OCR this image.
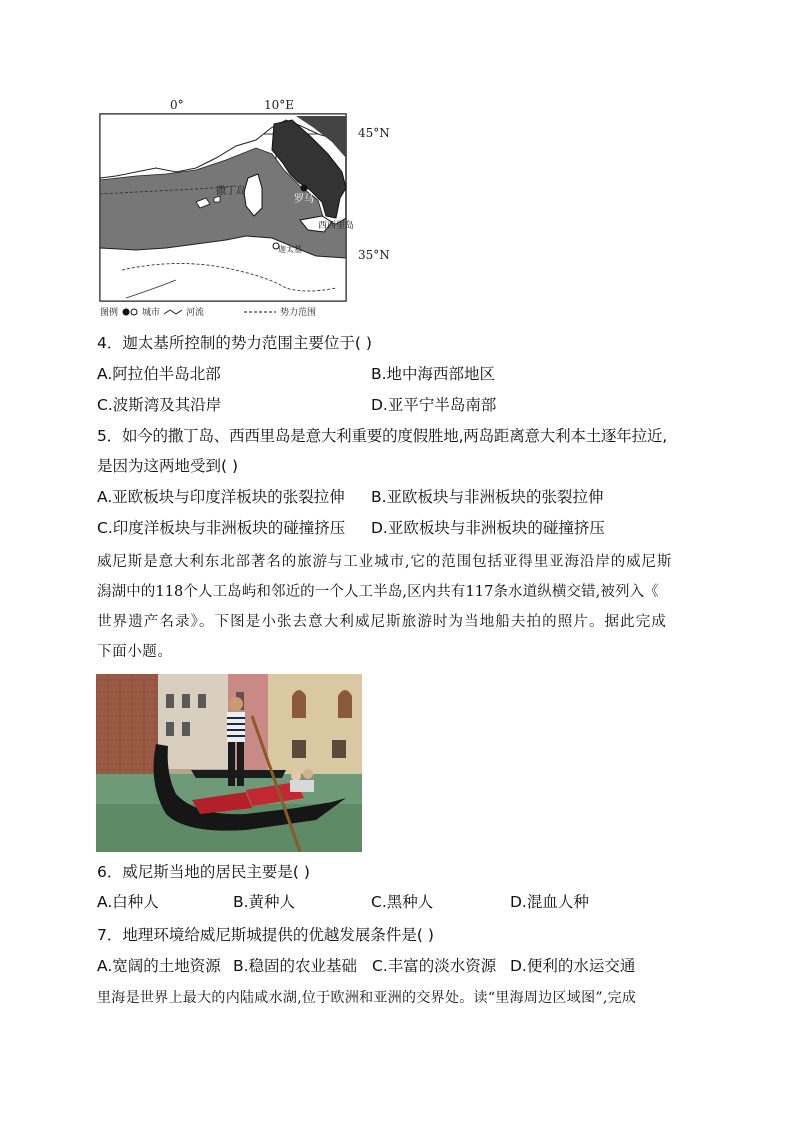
0°	10°E
45°N
35°N
撒丁岛
罗马
西西里岛
迦太基
图例	城市	河流	势力范围
4．迦太基所控制的势力范围主要位于( )
A.阿拉伯半岛北部	B.地中海西部地区
C.波斯湾及其沿岸	D.亚平宁半岛南部
5．如今的撒丁岛、西西里岛是意大利重要的度假胜地,两岛距离意大利本土逐年拉近,
是因为这两地受到( )
A.亚欧板块与印度洋板块的张裂拉伸 B.亚欧板块与非洲板块的张裂拉伸
C.印度洋板块与非洲板块的碰撞挤压 D.亚欧板块与非洲板块的碰撞挤压
威尼斯是意大利东北部著名的旅游与工业城市,它的范围包括亚得里亚海沿岸的威尼斯
潟湖中的118个人工岛屿和邻近的一个人工半岛,区内共有117条水道纵横交错,被列入《
世界遗产名录》。下图是小张去意大利威尼斯旅游时为当地船夫拍的照片。据此完成
下面小题。
6．威尼斯当地的居民主要是( )
A.白种人	B.黄种人	C.黑种人	D.混血人种
7．地理环境给威尼斯城提供的优越发展条件是( )
A.宽阔的土地资源 B.稳固的农业基础 C.丰富的淡水资源 D.便利的水运交通
里海是世界上最大的内陆咸水湖,位于欧洲和亚洲的交界处。读“里海周边区域图”,完成
